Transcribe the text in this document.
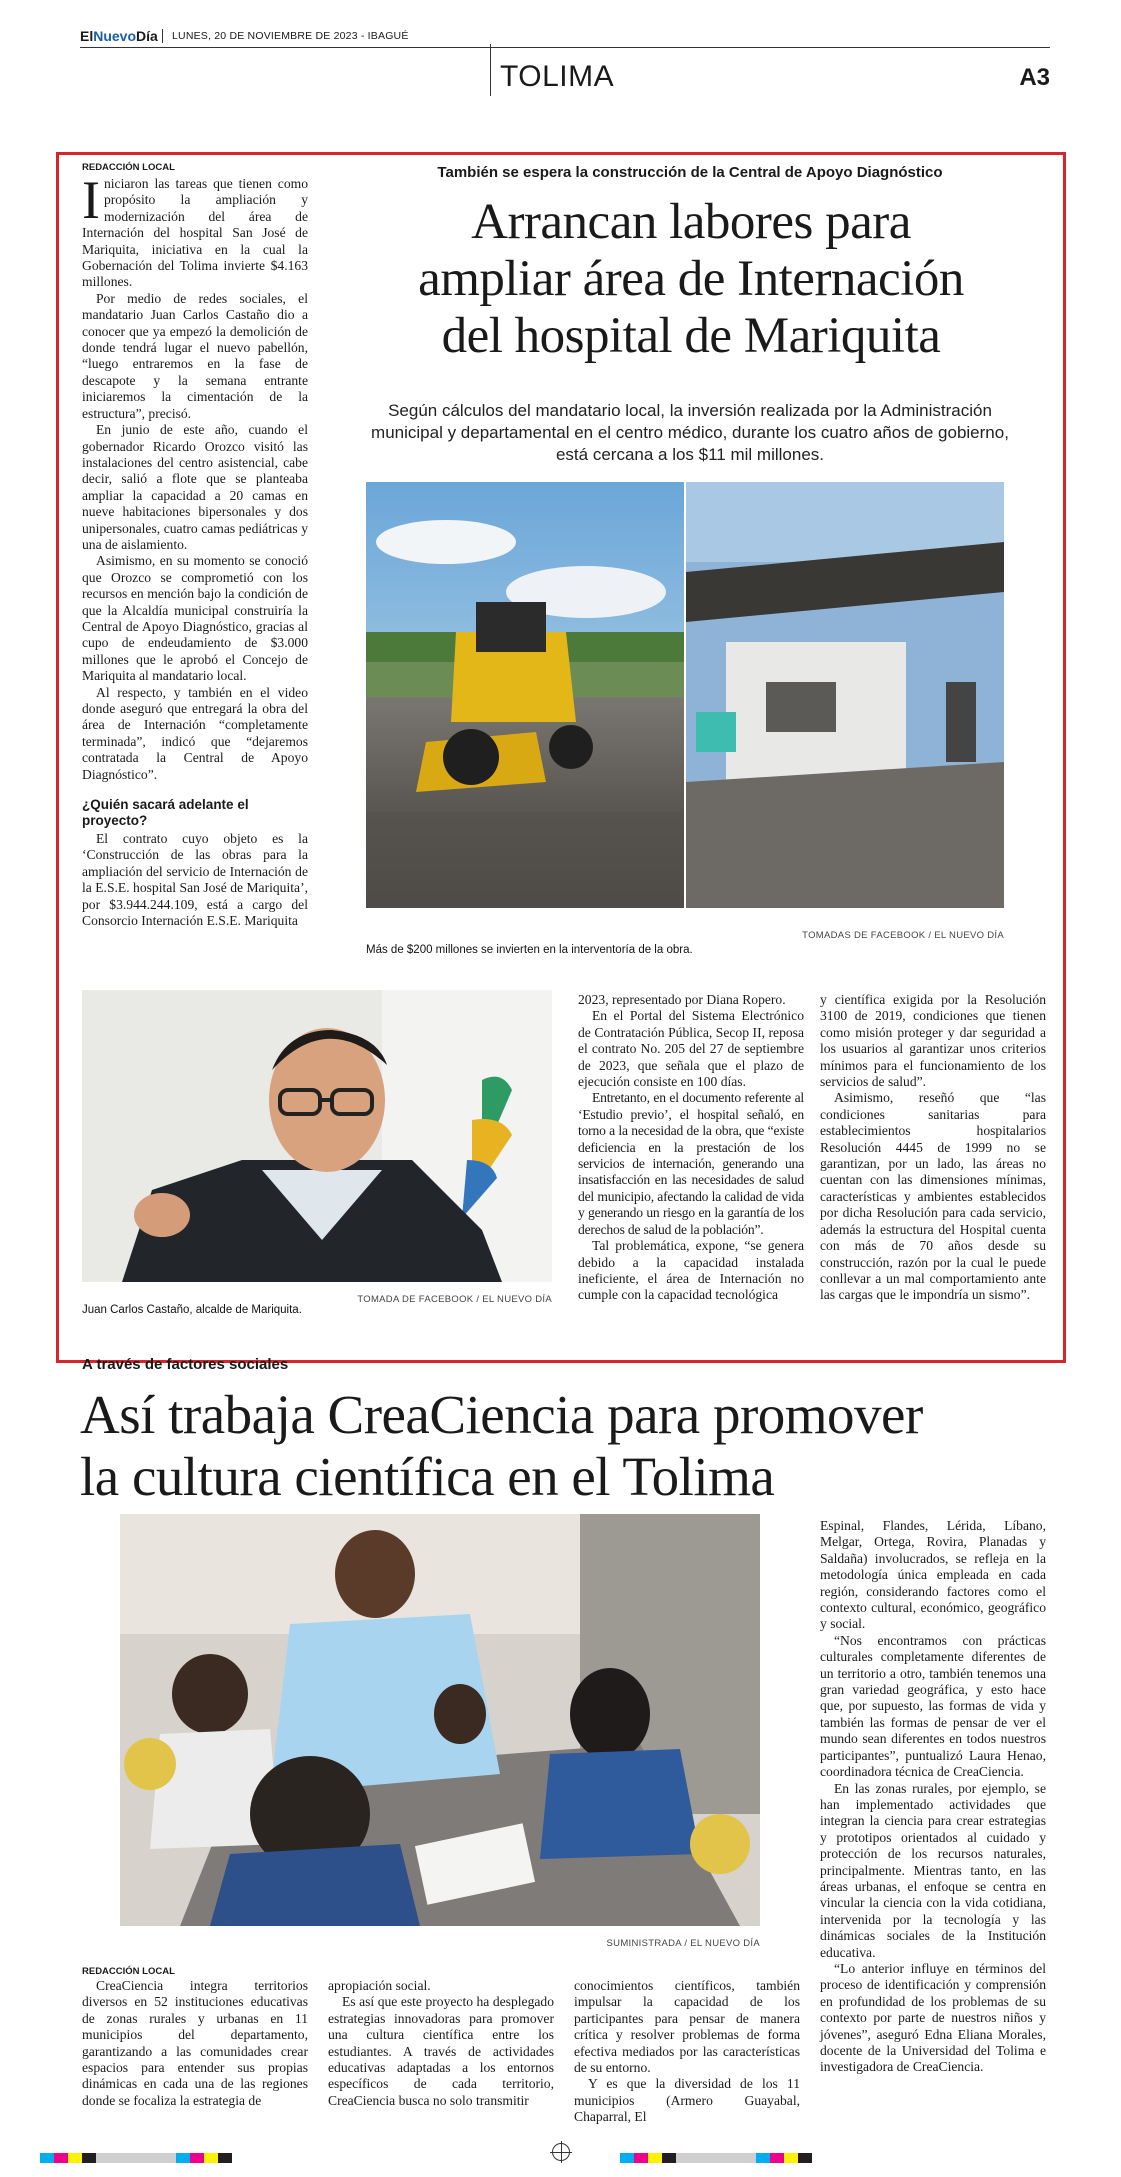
ElNuevoDía LUNES, 20 DE NOVIEMBRE DE 2023 - IBAGUÉ
TOLIMA	A3
REDACCIÓN LOCAL

Iniciaron las tareas que tienen como propósito la ampliación y modernización del área de Internación del hospital San José de Mariquita, iniciativa en la cual la Gobernación del Tolima invierte $4.163 millones.

Por medio de redes sociales, el mandatario Juan Carlos Castaño dio a conocer que ya empezó la demolición de donde tendrá lugar el nuevo pabellón, “luego entraremos en la fase de descapote y la semana entrante iniciaremos la cimentación de la estructura”, precisó.

En junio de este año, cuando el gobernador Ricardo Orozco visitó las instalaciones del centro asistencial, cabe decir, salió a flote que se planteaba ampliar la capacidad a 20 camas en nueve habitaciones bipersonales y dos unipersonales, cuatro camas pediátricas y una de aislamiento.

Asimismo, en su momento se conoció que Orozco se comprometió con los recursos en mención bajo la condición de que la Alcaldía municipal construiría la Central de Apoyo Diagnóstico, gracias al cupo de endeudamiento de $3.000 millones que le aprobó el Concejo de Mariquita al mandatario local.

Al respecto, y también en el video donde aseguró que entregará la obra del área de Internación “completamente terminada”, indicó que “dejaremos contratada la Central de Apoyo Diagnóstico”.

¿Quién sacará adelante el proyecto?

El contrato cuyo objeto es la ‘Construcción de las obras para la ampliación del servicio de Internación de la E.S.E. hospital San José de Mariquita’, por $3.944.244.109, está a cargo del Consorcio Internación E.S.E. Mariquita

También se espera la construcción de la Central de Apoyo Diagnóstico
Arrancan labores para
ampliar área de Internación
del hospital de Mariquita
Según cálculos del mandatario local, la inversión realizada por la Administración municipal y departamental en el centro médico, durante los cuatro años de gobierno, está cercana a los $11 mil millones.
TOMADAS DE FACEBOOK / EL NUEVO DÍA
Más de $200 millones se invierten en la interventoría de la obra.
TOMADA DE FACEBOOK / EL NUEVO DÍA
Juan Carlos Castaño, alcalde de Mariquita.

2023, representado por Diana Ropero.

En el Portal del Sistema Electrónico de Contratación Pública, Secop II, reposa el contrato No. 205 del 27 de septiembre de 2023, que señala que el plazo de ejecución consiste en 100 días.

Entretanto, en el documento referente al ‘Estudio previo’, el hospital señaló, en torno a la necesidad de la obra, que “existe deficiencia en la prestación de los servicios de internación, generando una insatisfacción en las necesidades de salud del municipio, afectando la calidad de vida y generando un riesgo en la garantía de los derechos de salud de la población”.

Tal problemática, expone, “se genera debido a la capacidad instalada ineficiente, el área de Internación no cumple con la capacidad tecnológica

y científica exigida por la Resolución 3100 de 2019, condiciones que tienen como misión proteger y dar seguridad a los usuarios al garantizar unos criterios mínimos para el funcionamiento de los servicios de salud”.

Asimismo, reseñó que “las condiciones sanitarias para establecimientos hospitalarios Resolución 4445 de 1999 no se garantizan, por un lado, las áreas no cuentan con las dimensiones mínimas, características y ambientes establecidos por dicha Resolución para cada servicio, además la estructura del Hospital cuenta con más de 70 años desde su construcción, razón por la cual le puede conllevar a un mal comportamiento ante las cargas que le impondría un sismo”.

A través de factores sociales
Así trabaja CreaCiencia para promover
la cultura científica en el Tolima
SUMINISTRADA / EL NUEVO DÍA

Espinal, Flandes, Lérida, Líbano, Melgar, Ortega, Rovira, Planadas y Saldaña) involucrados, se refleja en la metodología única empleada en cada región, considerando factores como el contexto cultural, económico, geográfico y social.

“Nos encontramos con prácticas culturales completamente diferentes de un territorio a otro, también tenemos una gran variedad geográfica, y esto hace que, por supuesto, las formas de vida y también las formas de pensar de ver el mundo sean diferentes en todos nuestros participantes”, puntualizó Laura Henao, coordinadora técnica de CreaCiencia.

En las zonas rurales, por ejemplo, se han implementado actividades que integran la ciencia para crear estrategias y prototipos orientados al cuidado y protección de los recursos naturales, principalmente. Mientras tanto, en las áreas urbanas, el enfoque se centra en vincular la ciencia con la vida cotidiana, intervenida por la tecnología y las dinámicas sociales de la Institución educativa.

“Lo anterior influye en términos del proceso de identificación y comprensión en profundidad de los problemas de su contexto por parte de nuestros niños y jóvenes”, aseguró Edna Eliana Morales, docente de la Universidad del Tolima e investigadora de CreaCiencia.

REDACCIÓN LOCAL

CreaCiencia integra territorios diversos en 52 instituciones educativas de zonas rurales y urbanas en 11 municipios del departamento, garantizando a las comunidades crear espacios para entender sus propias dinámicas en cada una de las regiones donde se focaliza la estrategia de

apropiación social.

Es así que este proyecto ha desplegado estrategias innovadoras para promover una cultura científica entre los estudiantes. A través de actividades educativas adaptadas a los entornos específicos de cada territorio, CreaCiencia busca no solo transmitir

conocimientos científicos, también impulsar la capacidad de los participantes para pensar de manera crítica y resolver problemas de forma efectiva mediados por las características de su entorno.

Y es que la diversidad de los 11 municipios (Armero Guayabal, Chaparral, El
